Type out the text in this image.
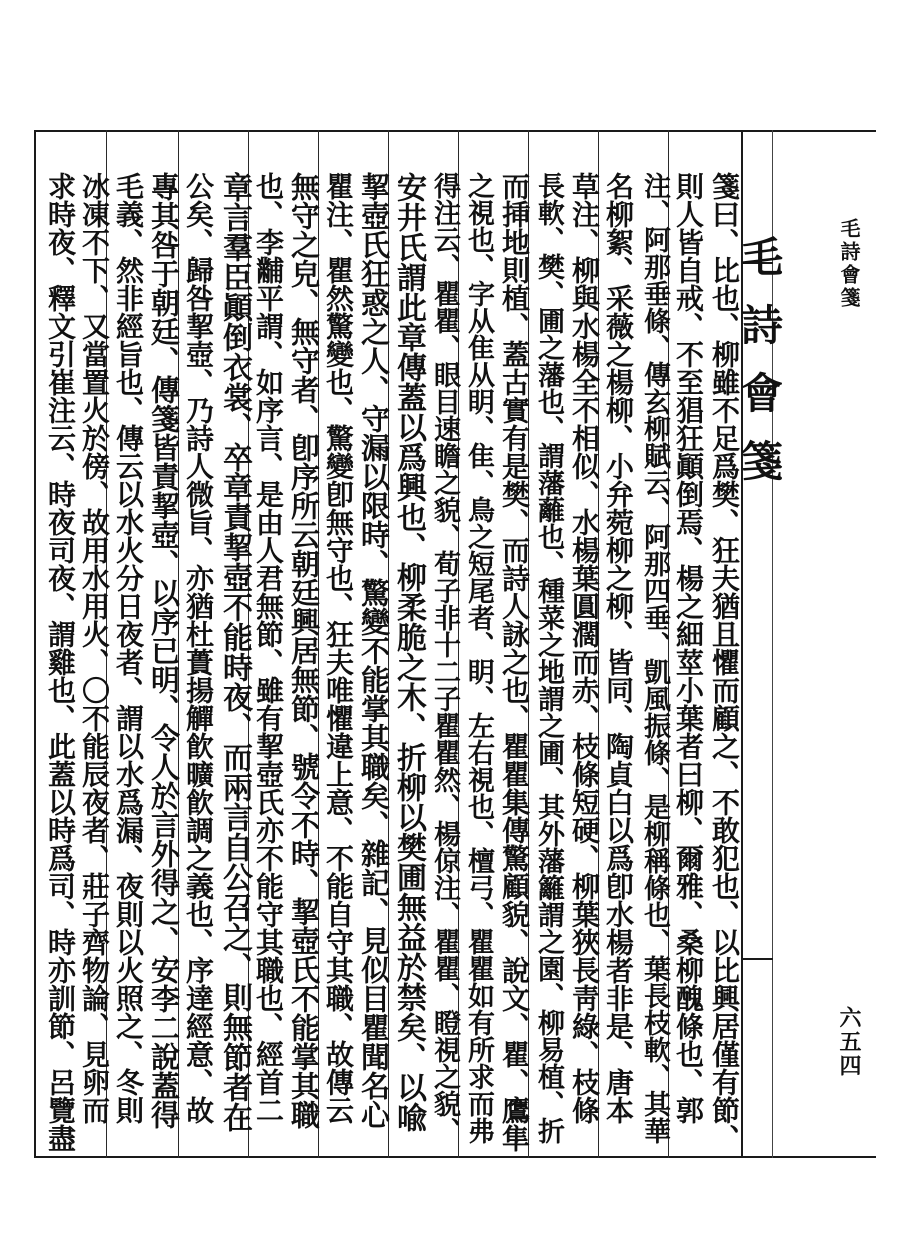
毛詩會箋	毛詩會箋
六五四
箋曰、比也、柳雖不足爲樊、狂夫猶且懼而顧之、不敢犯也、以比興居僅有節、
則人皆自戒、不至猖狂顚倒焉、楊之細莖小葉者曰柳、爾雅、桑柳醜條也、郭
注、阿那垂條、傳玄柳賦云、阿那四垂、凱風振條、是柳稱條也、葉長枝軟、其華
名柳絮、采薇之楊柳、小弁菀柳之柳、皆同、陶貞白以爲卽水楊者非是、唐本
草注、柳與水楊全不相似、水楊葉圓濶而赤、枝條短硬、柳葉狹長靑綠、枝條
長軟、樊、圃之藩也、謂藩蘺也、種菜之地謂之圃、其外藩籬謂之園、柳易植、折
而挿地則植、蓋古實有是樊、而詩人詠之也、瞿瞿集傳驚顧貌、說文、瞿、鷹隼
之視也、字从隹从眀、隹、鳥之短尾者、眀、左右視也、檀弓、瞿瞿如有所求而弗
得注云、瞿瞿、眼目速瞻之貌、荀子非十二子瞿瞿然、楊倞注、瞿瞿、瞪視之貌、
安井氏謂此章傳蓋以爲興也、柳柔脆之木、折柳以樊圃無益於禁矣、以喩
挈壺氏狂惑之人、守漏以限時、驚變不能掌其職矣、雜記、見似目瞿聞名心
瞿注、瞿然驚變也、驚變卽無守也、狂夫唯懼違上意、不能自守其職、故傳云
無守之皃、無守者、卽序所云朝廷興居無節、號令不時、挈壺氏不能掌其職
也、李黼平謂、如序言、是由人君無節、雖有挈壺氏亦不能守其職也、經首二
章言羣臣顚倒衣裳、卒章責挈壺不能時夜、而兩言自公召之、則無節者在
公矣、歸咎挈壺、乃詩人微旨、亦猶杜蕢揚觶飮曠飮調之義也、序達經意、故
專其咎于朝廷、傳箋皆責挈壺、以序已明、令人於言外得之、安李二說蓋得
毛義、然非經旨也、傳云以水火分日夜者、謂以水爲漏、夜則以火照之、冬則
冰凍不下、又當置火於傍、故用水用火、〇不能辰夜者、莊子齊物論、見卵而
求時夜、釋文引崔注云、時夜司夜、謂雞也、此蓋以時爲司、時亦訓節、呂覽盡
